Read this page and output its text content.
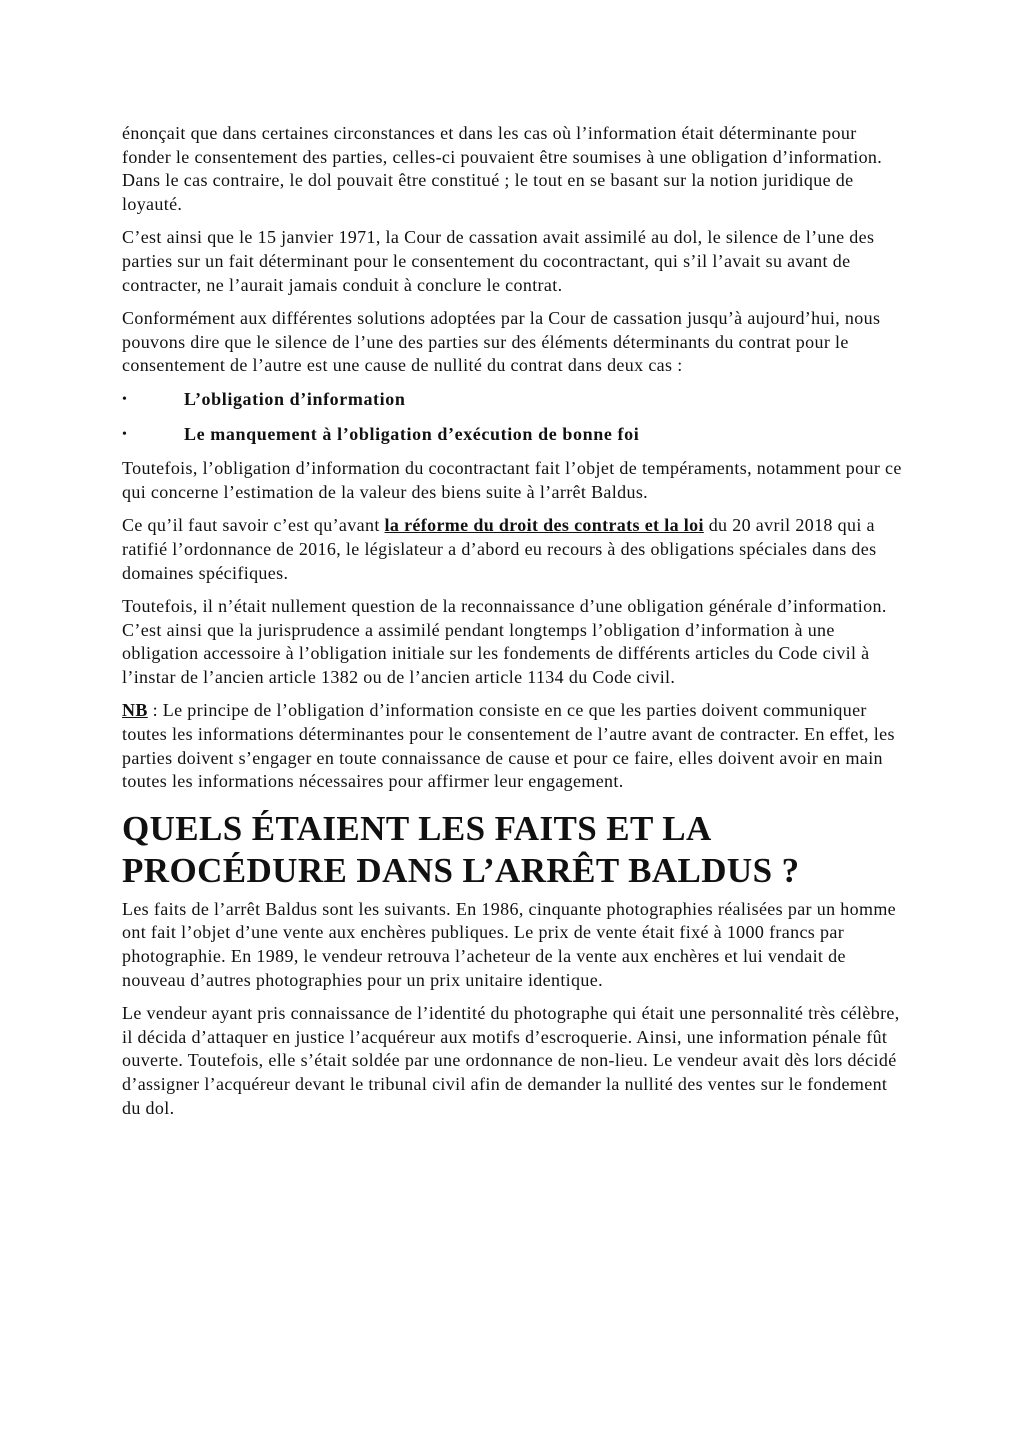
énonçait que dans certaines circonstances et dans les cas où l’information était déterminante pour fonder le consentement des parties, celles-ci pouvaient être soumises à une obligation d’information. Dans le cas contraire, le dol pouvait être constitué ; le tout en se basant sur la notion juridique de loyauté.

C’est ainsi que le 15 janvier 1971, la Cour de cassation avait assimilé au dol, le silence de l’une des parties sur un fait déterminant pour le consentement du cocontractant, qui s’il l’avait su avant de contracter, ne l’aurait jamais conduit à conclure le contrat.

Conformément aux différentes solutions adoptées par la Cour de cassation jusqu’à aujourd’hui, nous pouvons dire que le silence de l’une des parties sur des éléments déterminants du contrat pour le consentement de l’autre est une cause de nullité du contrat dans deux cas :

•	L’obligation d’information
•	Le manquement à l’obligation d’exécution de bonne foi

Toutefois, l’obligation d’information du cocontractant fait l’objet de tempéraments, notamment pour ce qui concerne l’estimation de la valeur des biens suite à l’arrêt Baldus.

Ce qu’il faut savoir c’est qu’avant la réforme du droit des contrats et la loi du 20 avril 2018 qui a ratifié l’ordonnance de 2016, le législateur a d’abord eu recours à des obligations spéciales dans des domaines spécifiques.

Toutefois, il n’était nullement question de la reconnaissance d’une obligation générale d’information. C’est ainsi que la jurisprudence a assimilé pendant longtemps l’obligation d’information à une obligation accessoire à l’obligation initiale sur les fondements de différents articles du Code civil à l’instar de l’ancien article 1382 ou de l’ancien article 1134 du Code civil.

NB : Le principe de l’obligation d’information consiste en ce que les parties doivent communiquer toutes les informations déterminantes pour le consentement de l’autre avant de contracter. En effet, les parties doivent s’engager en toute connaissance de cause et pour ce faire, elles doivent avoir en main toutes les informations nécessaires pour affirmer leur engagement.

QUELS ÉTAIENT LES FAITS ET LA PROCÉDURE DANS L’ARRÊT BALDUS ?

Les faits de l’arrêt Baldus sont les suivants. En 1986, cinquante photographies réalisées par un homme ont fait l’objet d’une vente aux enchères publiques. Le prix de vente était fixé à 1000 francs par photographie. En 1989, le vendeur retrouva l’acheteur de la vente aux enchères et lui vendait de nouveau d’autres photographies pour un prix unitaire identique.

Le vendeur ayant pris connaissance de l’identité du photographe qui était une personnalité très célèbre, il décida d’attaquer en justice l’acquéreur aux motifs d’escroquerie. Ainsi, une information pénale fût ouverte. Toutefois, elle s’était soldée par une ordonnance de non-lieu. Le vendeur avait dès lors décidé d’assigner l’acquéreur devant le tribunal civil afin de demander la nullité des ventes sur le fondement du dol.
